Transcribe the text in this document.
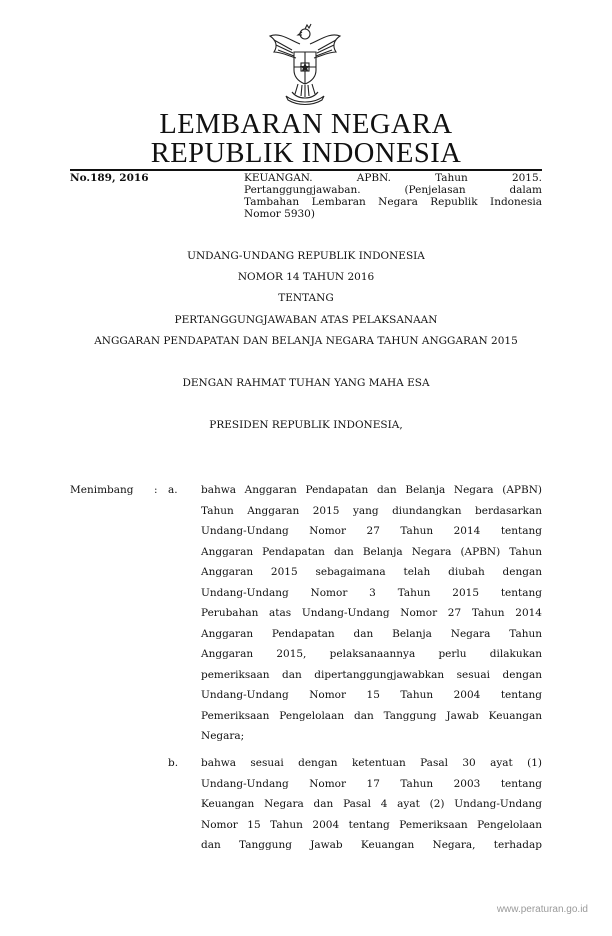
LEMBARAN NEGARA
REPUBLIK INDONESIA
No.189, 2016	KEUANGAN. APBN. Tahun 2015.
Pertanggungjawaban. (Penjelasan dalam
Tambahan Lembaran Negara Republik Indonesia
Nomor 5930)
UNDANG-UNDANG REPUBLIK INDONESIA
NOMOR 14 TAHUN 2016
TENTANG
PERTANGGUNGJAWABAN ATAS PELAKSANAAN
ANGGARAN PENDAPATAN DAN BELANJA NEGARA TAHUN ANGGARAN 2015
DENGAN RAHMAT TUHAN YANG MAHA ESA
PRESIDEN REPUBLIK INDONESIA,
Menimbang : a. bahwa Anggaran Pendapatan dan Belanja Negara (APBN)
Tahun Anggaran 2015 yang diundangkan berdasarkan
Undang-Undang Nomor 27 Tahun 2014 tentang
Anggaran Pendapatan dan Belanja Negara (APBN) Tahun
Anggaran 2015 sebagaimana telah diubah dengan
Undang-Undang Nomor 3 Tahun 2015 tentang
Perubahan atas Undang-Undang Nomor 27 Tahun 2014
Anggaran Pendapatan dan Belanja Negara Tahun
Anggaran 2015, pelaksanaannya perlu dilakukan
pemeriksaan dan dipertanggungjawabkan sesuai dengan
Undang-Undang Nomor 15 Tahun 2004 tentang
Pemeriksaan Pengelolaan dan Tanggung Jawab Keuangan
Negara;
b. bahwa sesuai dengan ketentuan Pasal 30 ayat (1)
Undang-Undang Nomor 17 Tahun 2003 tentang
Keuangan Negara dan Pasal 4 ayat (2) Undang-Undang
Nomor 15 Tahun 2004 tentang Pemeriksaan Pengelolaan
dan Tanggung Jawab Keuangan Negara, terhadap
www.peraturan.go.id
